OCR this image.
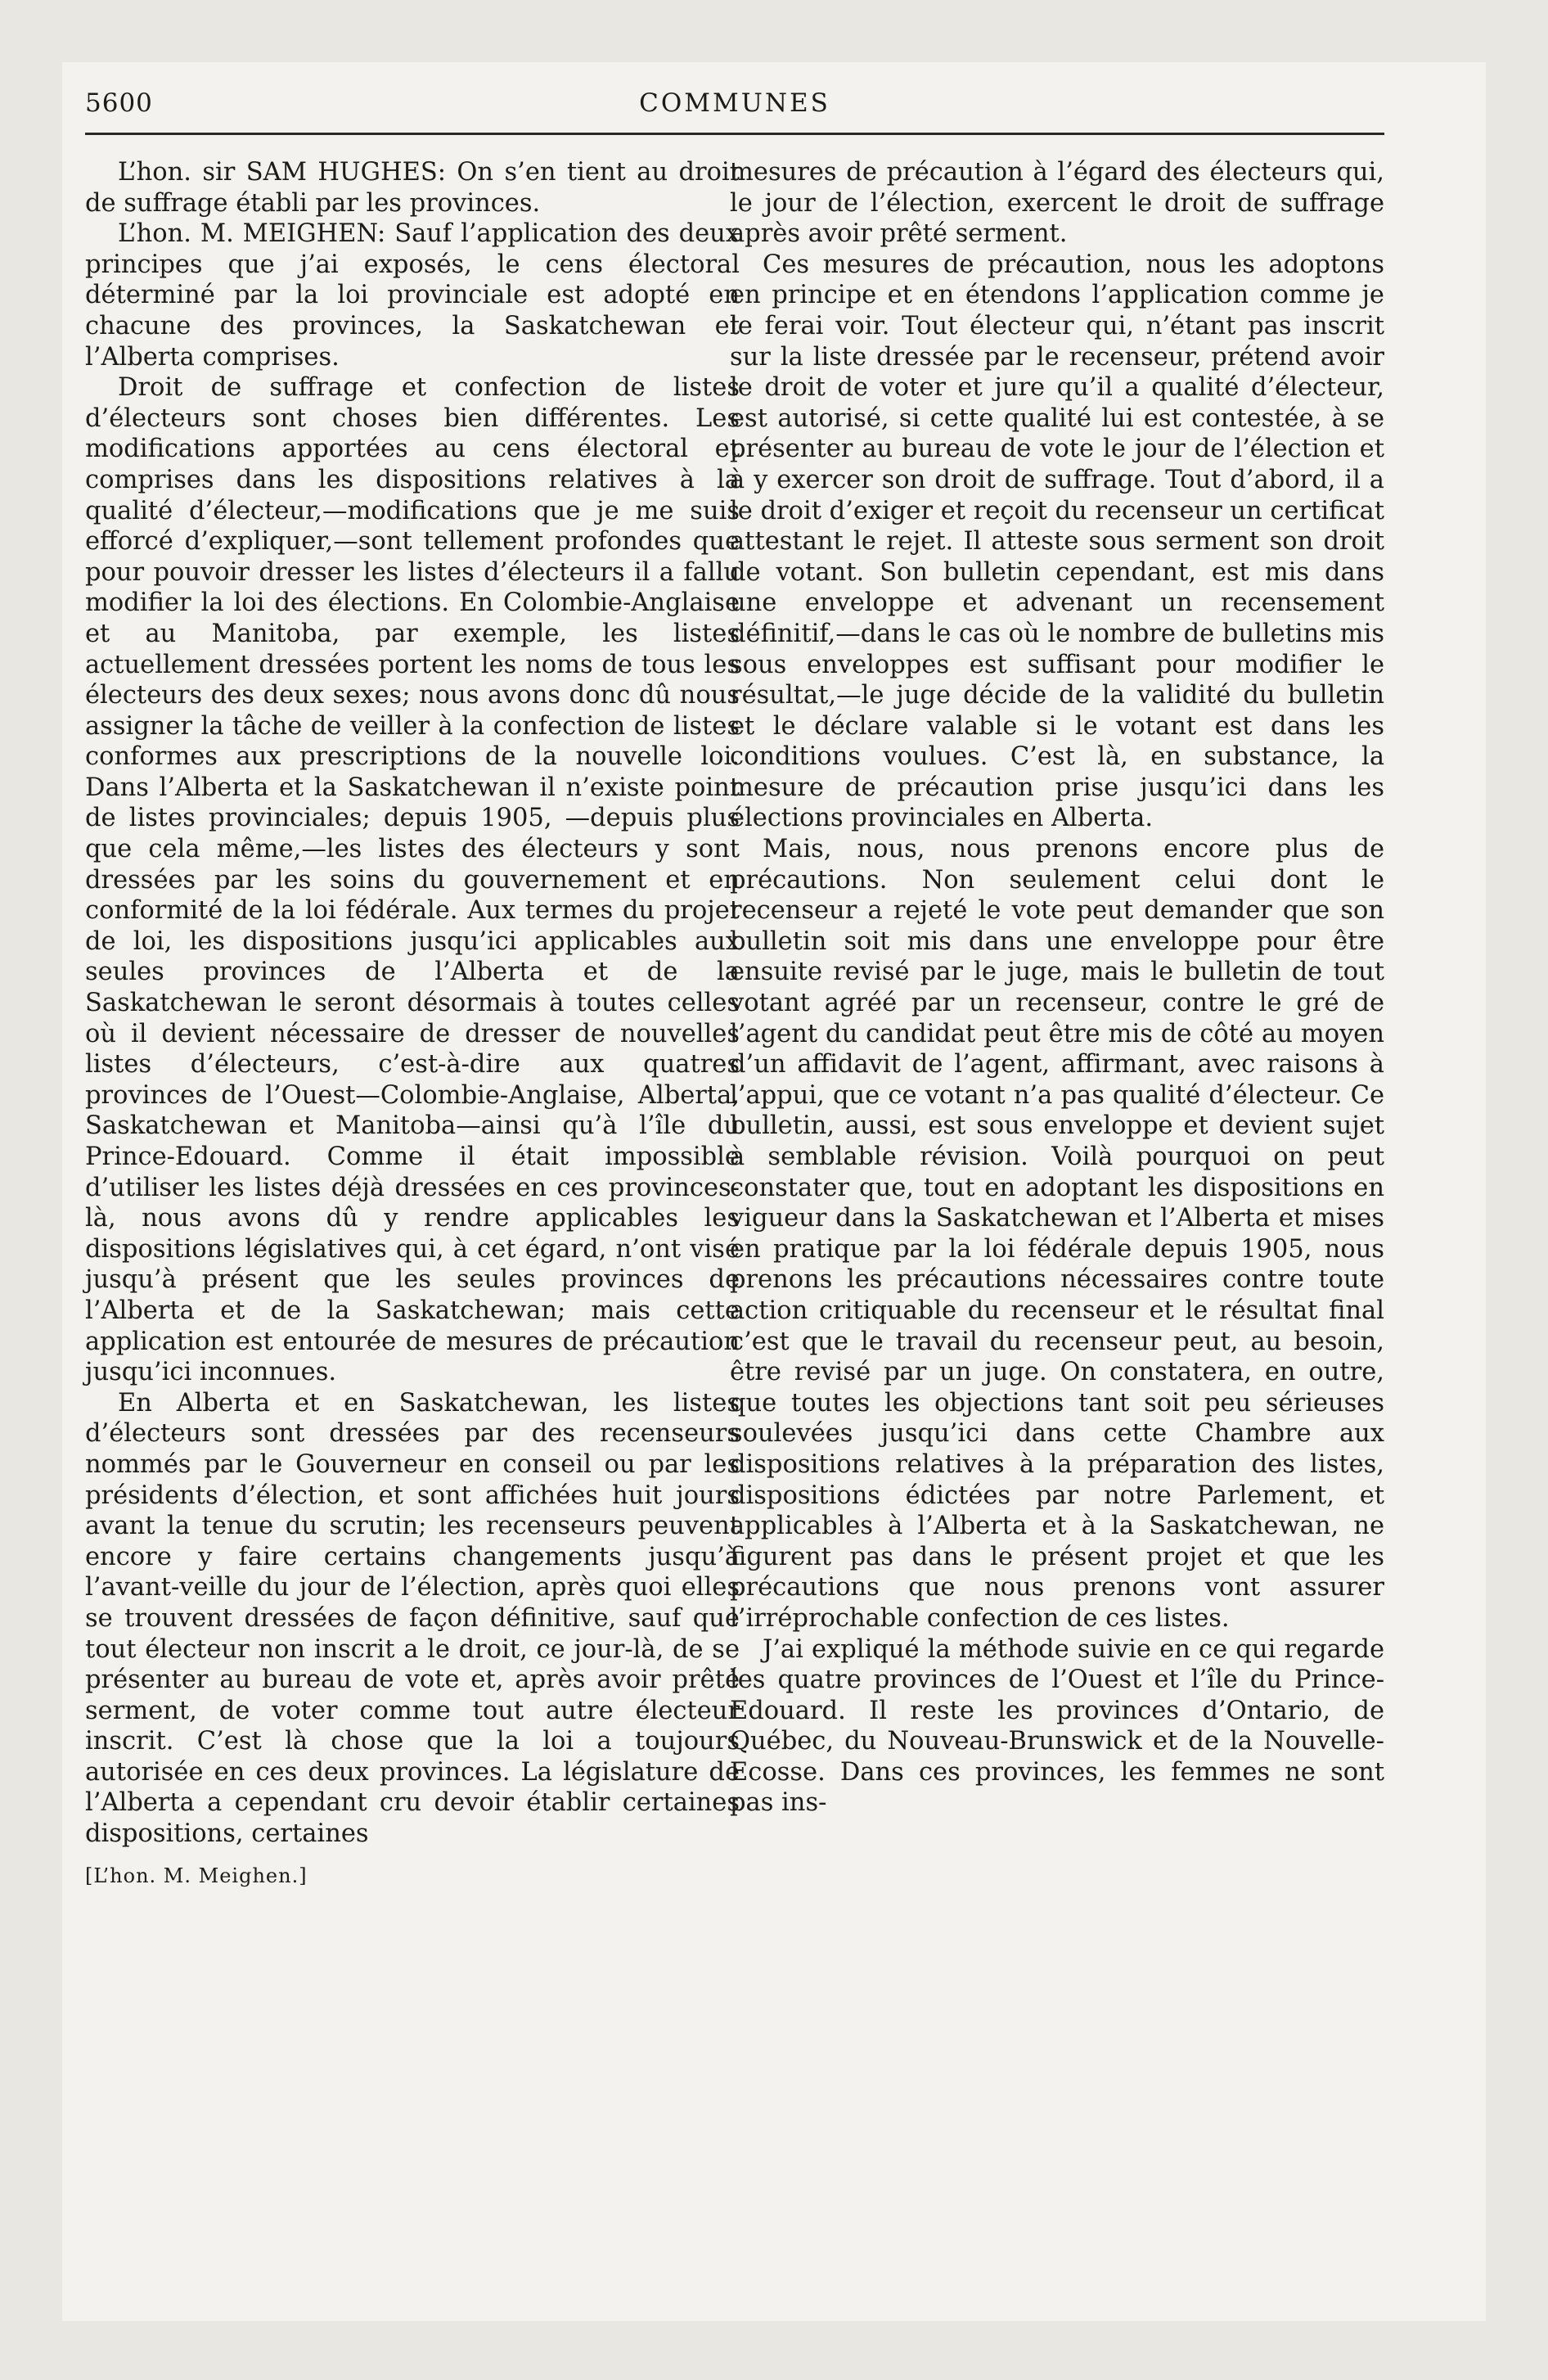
5600	COMMUNES

L’hon. sir SAM HUGHES: On s’en tient au droit de suffrage établi par les provinces.

L’hon. M. MEIGHEN: Sauf l’application des deux principes que j’ai exposés, le cens électoral déterminé par la loi provinciale est adopté en chacune des provinces, la Saskatchewan et l’Alberta comprises.

Droit de suffrage et confection de listes d’électeurs sont choses bien différentes. Les modifications apportées au cens électoral et comprises dans les dispositions relatives à la qualité d’électeur,—modifications que je me suis efforcé d’expliquer,—sont tellement profondes que pour pouvoir dresser les listes d’électeurs il a fallu modifier la loi des élections. En Colombie-Anglaise et au Manitoba, par exemple, les listes actuellement dressées portent les noms de tous les électeurs des deux sexes; nous avons donc dû nous assigner la tâche de veiller à la confection de listes conformes aux prescriptions de la nouvelle loi. Dans l’Alberta et la Saskatchewan il n’existe point de listes provinciales; depuis 1905, —depuis plus que cela même,—les listes des électeurs y sont dressées par les soins du gouvernement et en conformité de la loi fédérale. Aux termes du projet de loi, les dispositions jusqu’ici applicables aux seules provinces de l’Alberta et de la Saskatchewan le seront désormais à toutes celles où il devient nécessaire de dresser de nouvelles listes d’électeurs, c’est-à-dire aux quatres provinces de l’Ouest—Colombie-Anglaise, Alberta, Saskatchewan et Manitoba—ainsi qu’à l’île du Prince-Edouard. Comme il était impossible d’utiliser les listes déjà dressées en ces provinces-là, nous avons dû y rendre applicables les dispositions législatives qui, à cet égard, n’ont visé jusqu’à présent que les seules provinces de l’Alberta et de la Saskatchewan; mais cette application est entourée de mesures de précaution jusqu’ici inconnues.

En Alberta et en Saskatchewan, les listes d’électeurs sont dressées par des recenseurs nommés par le Gouverneur en conseil ou par les présidents d’élection, et sont affichées huit jours avant la tenue du scrutin; les recenseurs peuvent encore y faire certains changements jusqu’à l’avant-veille du jour de l’élection, après quoi elles se trouvent dressées de façon définitive, sauf que tout électeur non inscrit a le droit, ce jour-là, de se présenter au bureau de vote et, après avoir prêté serment, de voter comme tout autre électeur inscrit. C’est là chose que la loi a toujours autorisée en ces deux provinces. La législature de l’Alberta a cependant cru devoir établir certaines dispositions, certaines

[L’hon. M. Meighen.]

mesures de précaution à l’égard des électeurs qui, le jour de l’élection, exercent le droit de suffrage après avoir prêté serment.

Ces mesures de précaution, nous les adoptons en principe et en étendons l’application comme je le ferai voir. Tout électeur qui, n’étant pas inscrit sur la liste dressée par le recenseur, prétend avoir le droit de voter et jure qu’il a qualité d’électeur, est autorisé, si cette qualité lui est contestée, à se présenter au bureau de vote le jour de l’élection et à y exercer son droit de suffrage. Tout d’abord, il a le droit d’exiger et reçoit du recenseur un certificat attestant le rejet. Il atteste sous serment son droit de votant. Son bulletin cependant, est mis dans une enveloppe et advenant un recensement définitif,—dans le cas où le nombre de bulletins mis sous enveloppes est suffisant pour modifier le résultat,—le juge décide de la validité du bulletin et le déclare valable si le votant est dans les conditions voulues. C’est là, en substance, la mesure de précaution prise jusqu’ici dans les élections provinciales en Alberta.

Mais, nous, nous prenons encore plus de précautions. Non seulement celui dont le recenseur a rejeté le vote peut demander que son bulletin soit mis dans une enveloppe pour être ensuite revisé par le juge, mais le bulletin de tout votant agréé par un recenseur, contre le gré de l’agent du candidat peut être mis de côté au moyen d’un affidavit de l’agent, affirmant, avec raisons à l’appui, que ce votant n’a pas qualité d’électeur. Ce bulletin, aussi, est sous enveloppe et devient sujet à semblable révision. Voilà pourquoi on peut constater que, tout en adoptant les dispositions en vigueur dans la Saskatchewan et l’Alberta et mises en pratique par la loi fédérale depuis 1905, nous prenons les précautions nécessaires contre toute action critiquable du recenseur et le résultat final c’est que le travail du recenseur peut, au besoin, être revisé par un juge. On constatera, en outre, que toutes les objections tant soit peu sérieuses soulevées jusqu’ici dans cette Chambre aux dispositions relatives à la préparation des listes, dispositions édictées par notre Parlement, et applicables à l’Alberta et à la Saskatchewan, ne figurent pas dans le présent projet et que les précautions que nous prenons vont assurer l’irréprochable confection de ces listes.

J’ai expliqué la méthode suivie en ce qui regarde les quatre provinces de l’Ouest et l’île du Prince-Edouard. Il reste les provinces d’Ontario, de Québec, du Nouveau-Brunswick et de la Nouvelle-Ecosse. Dans ces provinces, les femmes ne sont pas ins-
